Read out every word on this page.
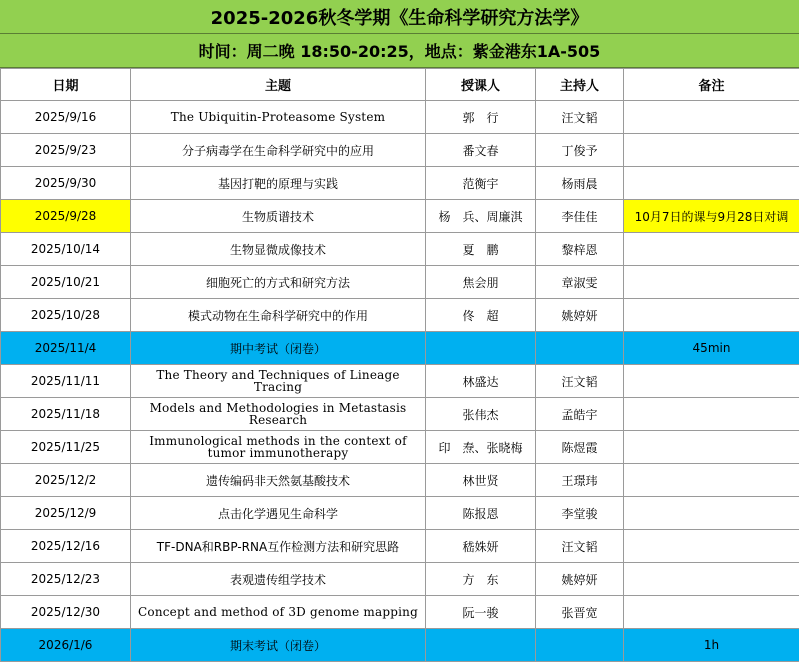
2025-2026秋冬学期《生命科学研究方法学》
时间：周二晚 18:50-20:25，地点：紫金港东1A-505
日期	主题	授课人	主持人	备注
2025/9/16	The Ubiquitin-Proteasome System	郭　行	汪文韬	
2025/9/23	分子病毒学在生命科学研究中的应用	番文春	丁俊予	
2025/9/30	基因打靶的原理与实践	范衡宇	杨雨晨	
2025/9/28	生物质谱技术	杨　兵、周廉淇	李佳佳	10月7日的课与9月28日对调
2025/10/14	生物显微成像技术	夏　鹏	黎梓恩	
2025/10/21	细胞死亡的方式和研究方法	焦会朋	章淑雯	
2025/10/28	模式动物在生命科学研究中的作用	佟　超	姚婷妍	
2025/11/4	期中考试（闭卷）			45min
2025/11/11	The Theory and Techniques of Lineage Tracing	林盛达	汪文韬	
2025/11/18	Models and Methodologies in Metastasis Research	张伟杰	孟皓宇	
2025/11/25	Immunological methods in the context of tumor immunotherapy	印　焘、张晓梅	陈煜霞	
2025/12/2	遗传编码非天然氨基酸技术	林世贤	王璟玮	
2025/12/9	点击化学遇见生命科学	陈报恩	李堂骏	
2025/12/16	TF-DNA和RBP-RNA互作检测方法和研究思路	嵇姝妍	汪文韬	
2025/12/23	表观遗传组学技术	方　东	姚婷妍	
2025/12/30	Concept and method of 3D genome mapping	阮一骏	张晋宽	
2026/1/6	期末考试（闭卷）			1h
